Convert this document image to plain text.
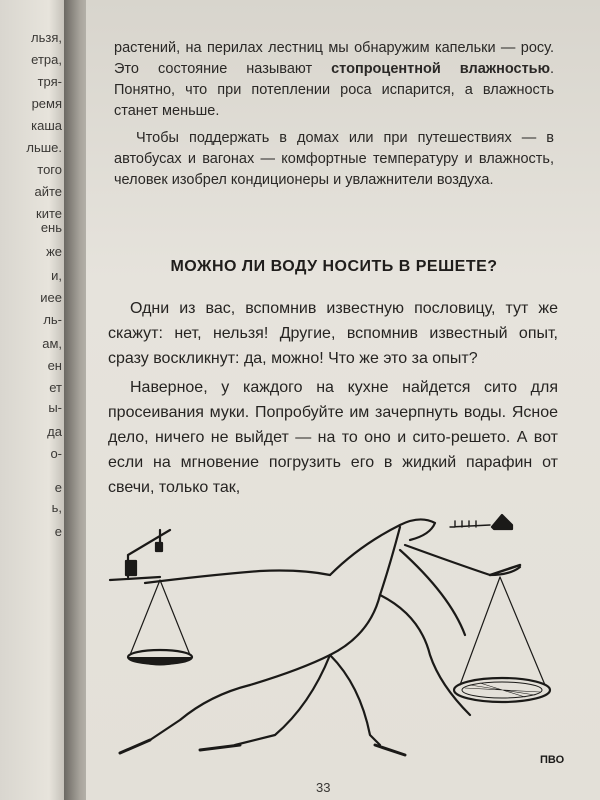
льзя,
етра,
тря-
ремя
каша
льше.
того
айте
ките
ень
же
и,
иее
ль-
ам,
ен
ет
ы-
да
о-
е
ь,
е

растений, на перилах лестниц мы обнаружим капельки — росу. Это состояние называют стопроцентной влажностью. Понятно, что при потеплении роса испарится, а влажность станет меньше.

Чтобы поддержать в домах или при путешествиях — в автобусах и вагонах — комфортные температуру и влажность, человек изобрел кондиционеры и увлажнители воздуха.

МОЖНО ЛИ ВОДУ НОСИТЬ В РЕШЕТЕ?

Одни из вас, вспомнив известную пословицу, тут же скажут: нет, нельзя! Другие, вспомнив известный опыт, сразу воскликнут: да, можно! Что же это за опыт?

Наверное, у каждого на кухне найдется сито для просеивания муки. Попробуйте им зачерпнуть воды. Ясное дело, ничего не выйдет — на то оно и сито-решето. А вот если на мгновение погрузить его в жидкий парафин от свечи, только так,

ПВО
33
